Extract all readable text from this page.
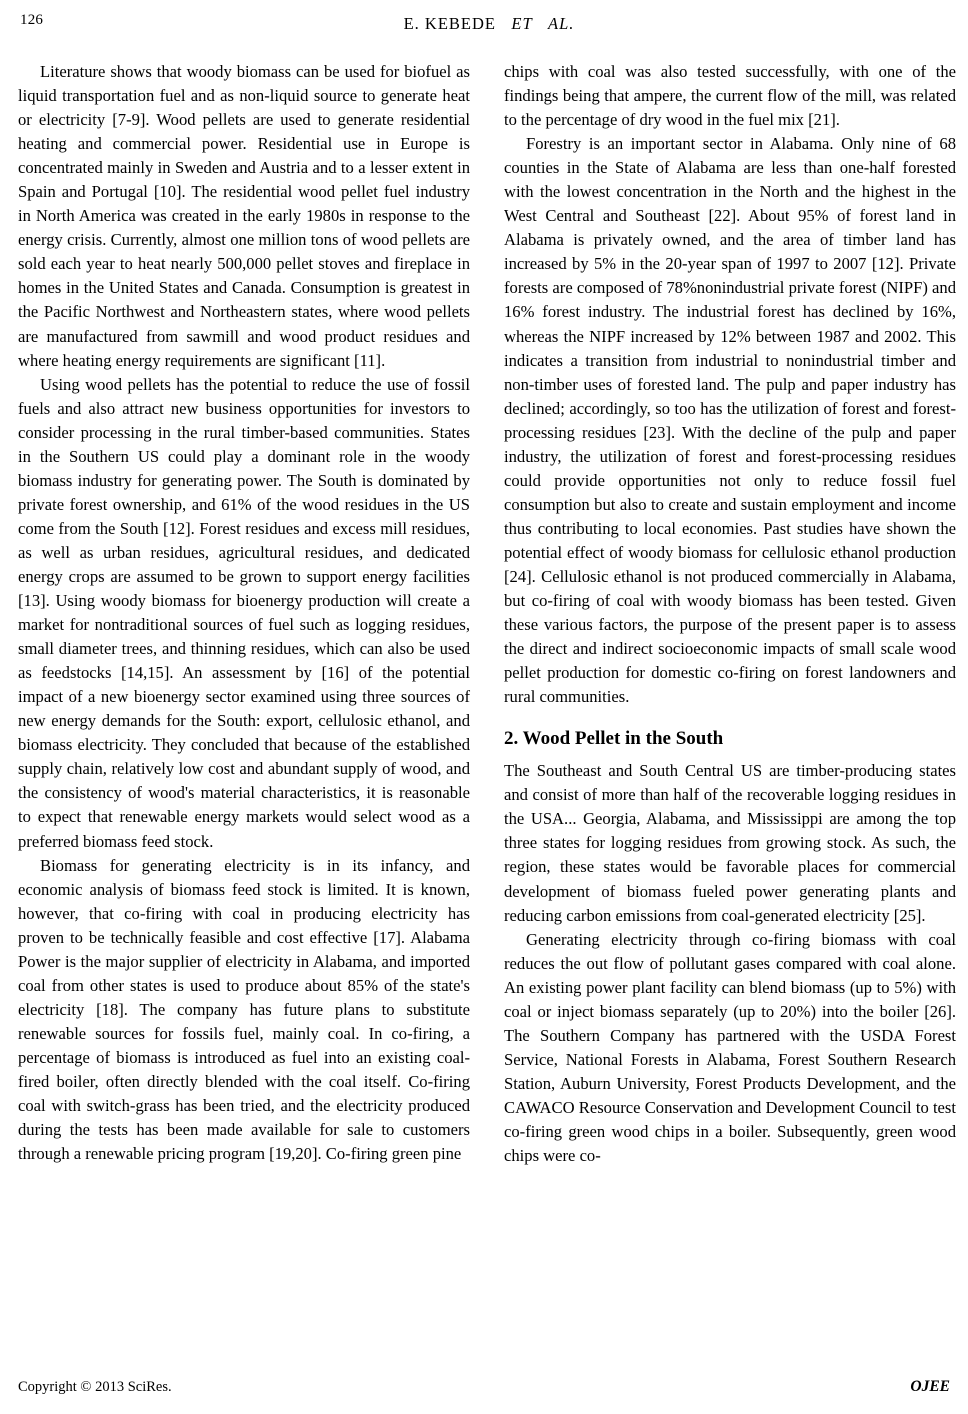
126	E. KEBEDE ET AL.

Literature shows that woody biomass can be used for biofuel as liquid transportation fuel and as non-liquid source to generate heat or electricity [7-9]. Wood pellets are used to generate residential heating and commercial power. Residential use in Europe is concentrated mainly in Sweden and Austria and to a lesser extent in Spain and Portugal [10]. The residential wood pellet fuel industry in North America was created in the early 1980s in response to the energy crisis. Currently, almost one million tons of wood pellets are sold each year to heat nearly 500,000 pellet stoves and fireplace in homes in the United States and Canada. Consumption is greatest in the Pacific Northwest and Northeastern states, where wood pellets are manufactured from sawmill and wood product residues and where heating energy requirements are significant [11].

Using wood pellets has the potential to reduce the use of fossil fuels and also attract new business opportunities for investors to consider processing in the rural timber-based communities. States in the Southern US could play a dominant role in the woody biomass industry for generating power. The South is dominated by private forest ownership, and 61% of the wood residues in the US come from the South [12]. Forest residues and excess mill residues, as well as urban residues, agricultural residues, and dedicated energy crops are assumed to be grown to support energy facilities [13]. Using woody biomass for bioenergy production will create a market for nontraditional sources of fuel such as logging residues, small diameter trees, and thinning residues, which can also be used as feedstocks [14,15]. An assessment by [16] of the potential impact of a new bioenergy sector examined using three sources of new energy demands for the South: export, cellulosic ethanol, and biomass electricity. They concluded that because of the established supply chain, relatively low cost and abundant supply of wood, and the consistency of wood's material characteristics, it is reasonable to expect that renewable energy markets would select wood as a preferred biomass feed stock.

Biomass for generating electricity is in its infancy, and economic analysis of biomass feed stock is limited. It is known, however, that co-firing with coal in producing electricity has proven to be technically feasible and cost effective [17]. Alabama Power is the major supplier of electricity in Alabama, and imported coal from other states is used to produce about 85% of the state's electricity [18]. The company has future plans to substitute renewable sources for fossils fuel, mainly coal. In co-firing, a percentage of biomass is introduced as fuel into an existing coal-fired boiler, often directly blended with the coal itself. Co-firing coal with switch-grass has been tried, and the electricity produced during the tests has been made available for sale to customers through a renewable pricing program [19,20]. Co-firing green pine

chips with coal was also tested successfully, with one of the findings being that ampere, the current flow of the mill, was related to the percentage of dry wood in the fuel mix [21].

Forestry is an important sector in Alabama. Only nine of 68 counties in the State of Alabama are less than one-half forested with the lowest concentration in the North and the highest in the West Central and Southeast [22]. About 95% of forest land in Alabama is privately owned, and the area of timber land has increased by 5% in the 20-year span of 1997 to 2007 [12]. Private forests are composed of 78%nonindustrial private forest (NIPF) and 16% forest industry. The industrial forest has declined by 16%, whereas the NIPF increased by 12% between 1987 and 2002. This indicates a transition from industrial to nonindustrial timber and non-timber uses of forested land. The pulp and paper industry has declined; accordingly, so too has the utilization of forest and forest-processing residues [23]. With the decline of the pulp and paper industry, the utilization of forest and forest-processing residues could provide opportunities not only to reduce fossil fuel consumption but also to create and sustain employment and income thus contributing to local economies. Past studies have shown the potential effect of woody biomass for cellulosic ethanol production [24]. Cellulosic ethanol is not produced commercially in Alabama, but co-firing of coal with woody biomass has been tested. Given these various factors, the purpose of the present paper is to assess the direct and indirect socioeconomic impacts of small scale wood pellet production for domestic co-firing on forest landowners and rural communities.

2. Wood Pellet in the South

The Southeast and South Central US are timber-producing states and consist of more than half of the recoverable logging residues in the USA... Georgia, Alabama, and Mississippi are among the top three states for logging residues from growing stock. As such, the region, these states would be favorable places for commercial development of biomass fueled power generating plants and reducing carbon emissions from coal-generated electricity [25].

Generating electricity through co-firing biomass with coal reduces the out flow of pollutant gases compared with coal alone. An existing power plant facility can blend biomass (up to 5%) with coal or inject biomass separately (up to 20%) into the boiler [26]. The Southern Company has partnered with the USDA Forest Service, National Forests in Alabama, Forest Southern Research Station, Auburn University, Forest Products Development, and the CAWACO Resource Conservation and Development Council to test co-firing green wood chips in a boiler. Subsequently, green wood chips were co-

Copyright © 2013 SciRes.	OJEE
